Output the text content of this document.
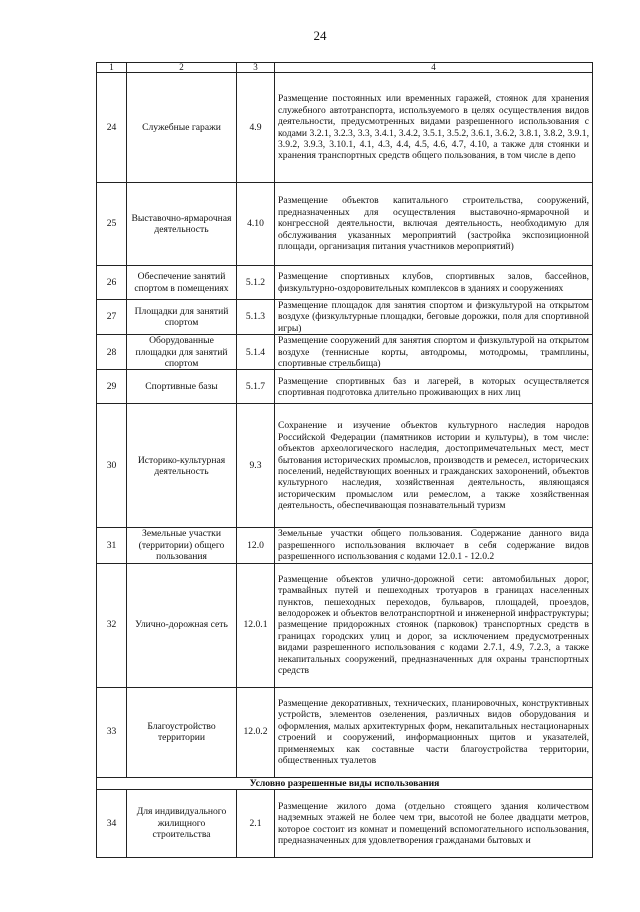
24
1	2	3	4
24	Служебные гаражи	4.9	Размещение постоянных или временных гаражей, стоянок для хранения служебного автотранспорта, используемого в целях осуществления видов деятельности, предусмотренных видами разрешенного использования с кодами 3.2.1, 3.2.3, 3.3, 3.4.1, 3.4.2, 3.5.1, 3.5.2, 3.6.1, 3.6.2, 3.8.1, 3.8.2, 3.9.1, 3.9.2, 3.9.3, 3.10.1, 4.1, 4.3, 4.4, 4.5, 4.6, 4.7, 4.10, а также для стоянки и хранения транспортных средств общего пользования, в том числе в депо
25	Выставочно-ярмарочная деятельность	4.10	Размещение объектов капитального строительства, сооружений, предназначенных для осуществления выставочно-ярмарочной и конгрессной деятельности, включая деятельность, необходимую для обслуживания указанных мероприятий (застройка экспозиционной площади, организация питания участников мероприятий)
26	Обеспечение занятий спортом в помещениях	5.1.2	Размещение спортивных клубов, спортивных залов, бассейнов, физкультурно-оздоровительных комплексов в зданиях и сооружениях
27	Площадки для занятий спортом	5.1.3	Размещение площадок для занятия спортом и физкультурой на открытом воздухе (физкультурные площадки, беговые дорожки, поля для спортивной игры)
28	Оборудованные площадки для занятий спортом	5.1.4	Размещение сооружений для занятия спортом и физкультурой на открытом воздухе (теннисные корты, автодромы, мотодромы, трамплины, спортивные стрельбища)
29	Спортивные базы	5.1.7	Размещение спортивных баз и лагерей, в которых осуществляется спортивная подготовка длительно проживающих в них лиц
30	Историко-культурная деятельность	9.3	Сохранение и изучение объектов культурного наследия народов Российской Федерации (памятников истории и культуры), в том числе: объектов археологического наследия, достопримечательных мест, мест бытования исторических промыслов, производств и ремесел, исторических поселений, недействующих военных и гражданских захоронений, объектов культурного наследия, хозяйственная деятельность, являющаяся историческим промыслом или ремеслом, а также хозяйственная деятельность, обеспечивающая познавательный туризм
31	Земельные участки (территории) общего пользования	12.0	Земельные участки общего пользования. Содержание данного вида разрешенного использования включает в себя содержание видов разрешенного использования с кодами 12.0.1 - 12.0.2
32	Улично-дорожная сеть	12.0.1	Размещение объектов улично-дорожной сети: автомобильных дорог, трамвайных путей и пешеходных тротуаров в границах населенных пунктов, пешеходных переходов, бульваров, площадей, проездов, велодорожек и объектов велотранспортной и инженерной инфраструктуры; размещение придорожных стоянок (парковок) транспортных средств в границах городских улиц и дорог, за исключением предусмотренных видами разрешенного использования с кодами 2.7.1, 4.9, 7.2.3, а также некапитальных сооружений, предназначенных для охраны транспортных средств
33	Благоустройство территории	12.0.2	Размещение декоративных, технических, планировочных, конструктивных устройств, элементов озеленения, различных видов оборудования и оформления, малых архитектурных форм, некапитальных нестационарных строений и сооружений, информационных щитов и указателей, применяемых как составные части благоустройства территории, общественных туалетов
Условно разрешенные виды использования			
34	Для индивидуального жилищного строительства	2.1	Размещение жилого дома (отдельно стоящего здания количеством надземных этажей не более чем три, высотой не более двадцати метров, которое состоит из комнат и помещений вспомогательного использования, предназначенных для удовлетворения гражданами бытовых и
